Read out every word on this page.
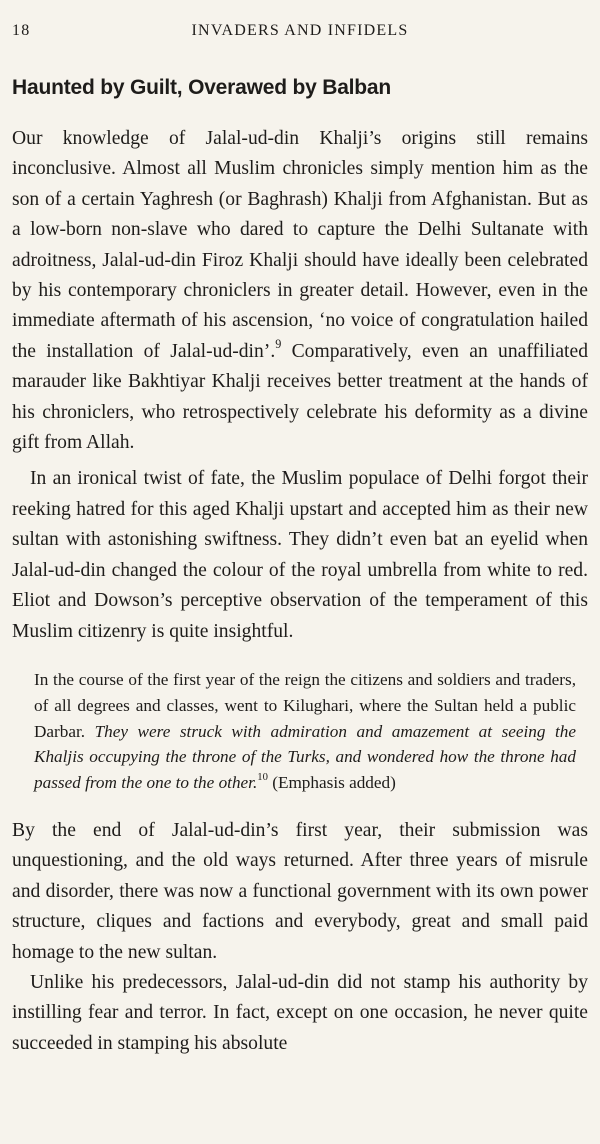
18	INVADERS AND INFIDELS
Haunted by Guilt, Overawed by Balban

Our knowledge of Jalal-ud-din Khalji’s origins still remains inconclusive. Almost all Muslim chronicles simply mention him as the son of a certain Yaghresh (or Baghrash) Khalji from Afghanistan. But as a low-born non-slave who dared to capture the Delhi Sultanate with adroitness, Jalal-ud-din Firoz Khalji should have ideally been celebrated by his contemporary chroniclers in greater detail. However, even in the immediate aftermath of his ascension, ‘no voice of congratulation hailed the installation of Jalal-ud-din’.$^9$ Comparatively, even an unaffiliated marauder like Bakhtiyar Khalji receives better treatment at the hands of his chroniclers, who retrospectively celebrate his deformity as a divine gift from Allah.

In an ironical twist of fate, the Muslim populace of Delhi forgot their reeking hatred for this aged Khalji upstart and accepted him as their new sultan with astonishing swiftness. They didn’t even bat an eyelid when Jalal-ud-din changed the colour of the royal umbrella from white to red. Eliot and Dowson’s perceptive observation of the temperament of this Muslim citizenry is quite insightful.

In the course of the first year of the reign the citizens and soldiers and traders, of all degrees and classes, went to Kilughari, where the Sultan held a public Darbar. They were struck with admiration and amazement at seeing the Khaljis occupying the throne of the Turks, and wondered how the throne had passed from the one to the other.$^{10}$ (Emphasis added)

By the end of Jalal-ud-din’s first year, their submission was unquestioning, and the old ways returned. After three years of misrule and disorder, there was now a functional government with its own power structure, cliques and factions and everybody, great and small paid homage to the new sultan.

Unlike his predecessors, Jalal-ud-din did not stamp his authority by instilling fear and terror. In fact, except on one occasion, he never quite succeeded in stamping his absolute
